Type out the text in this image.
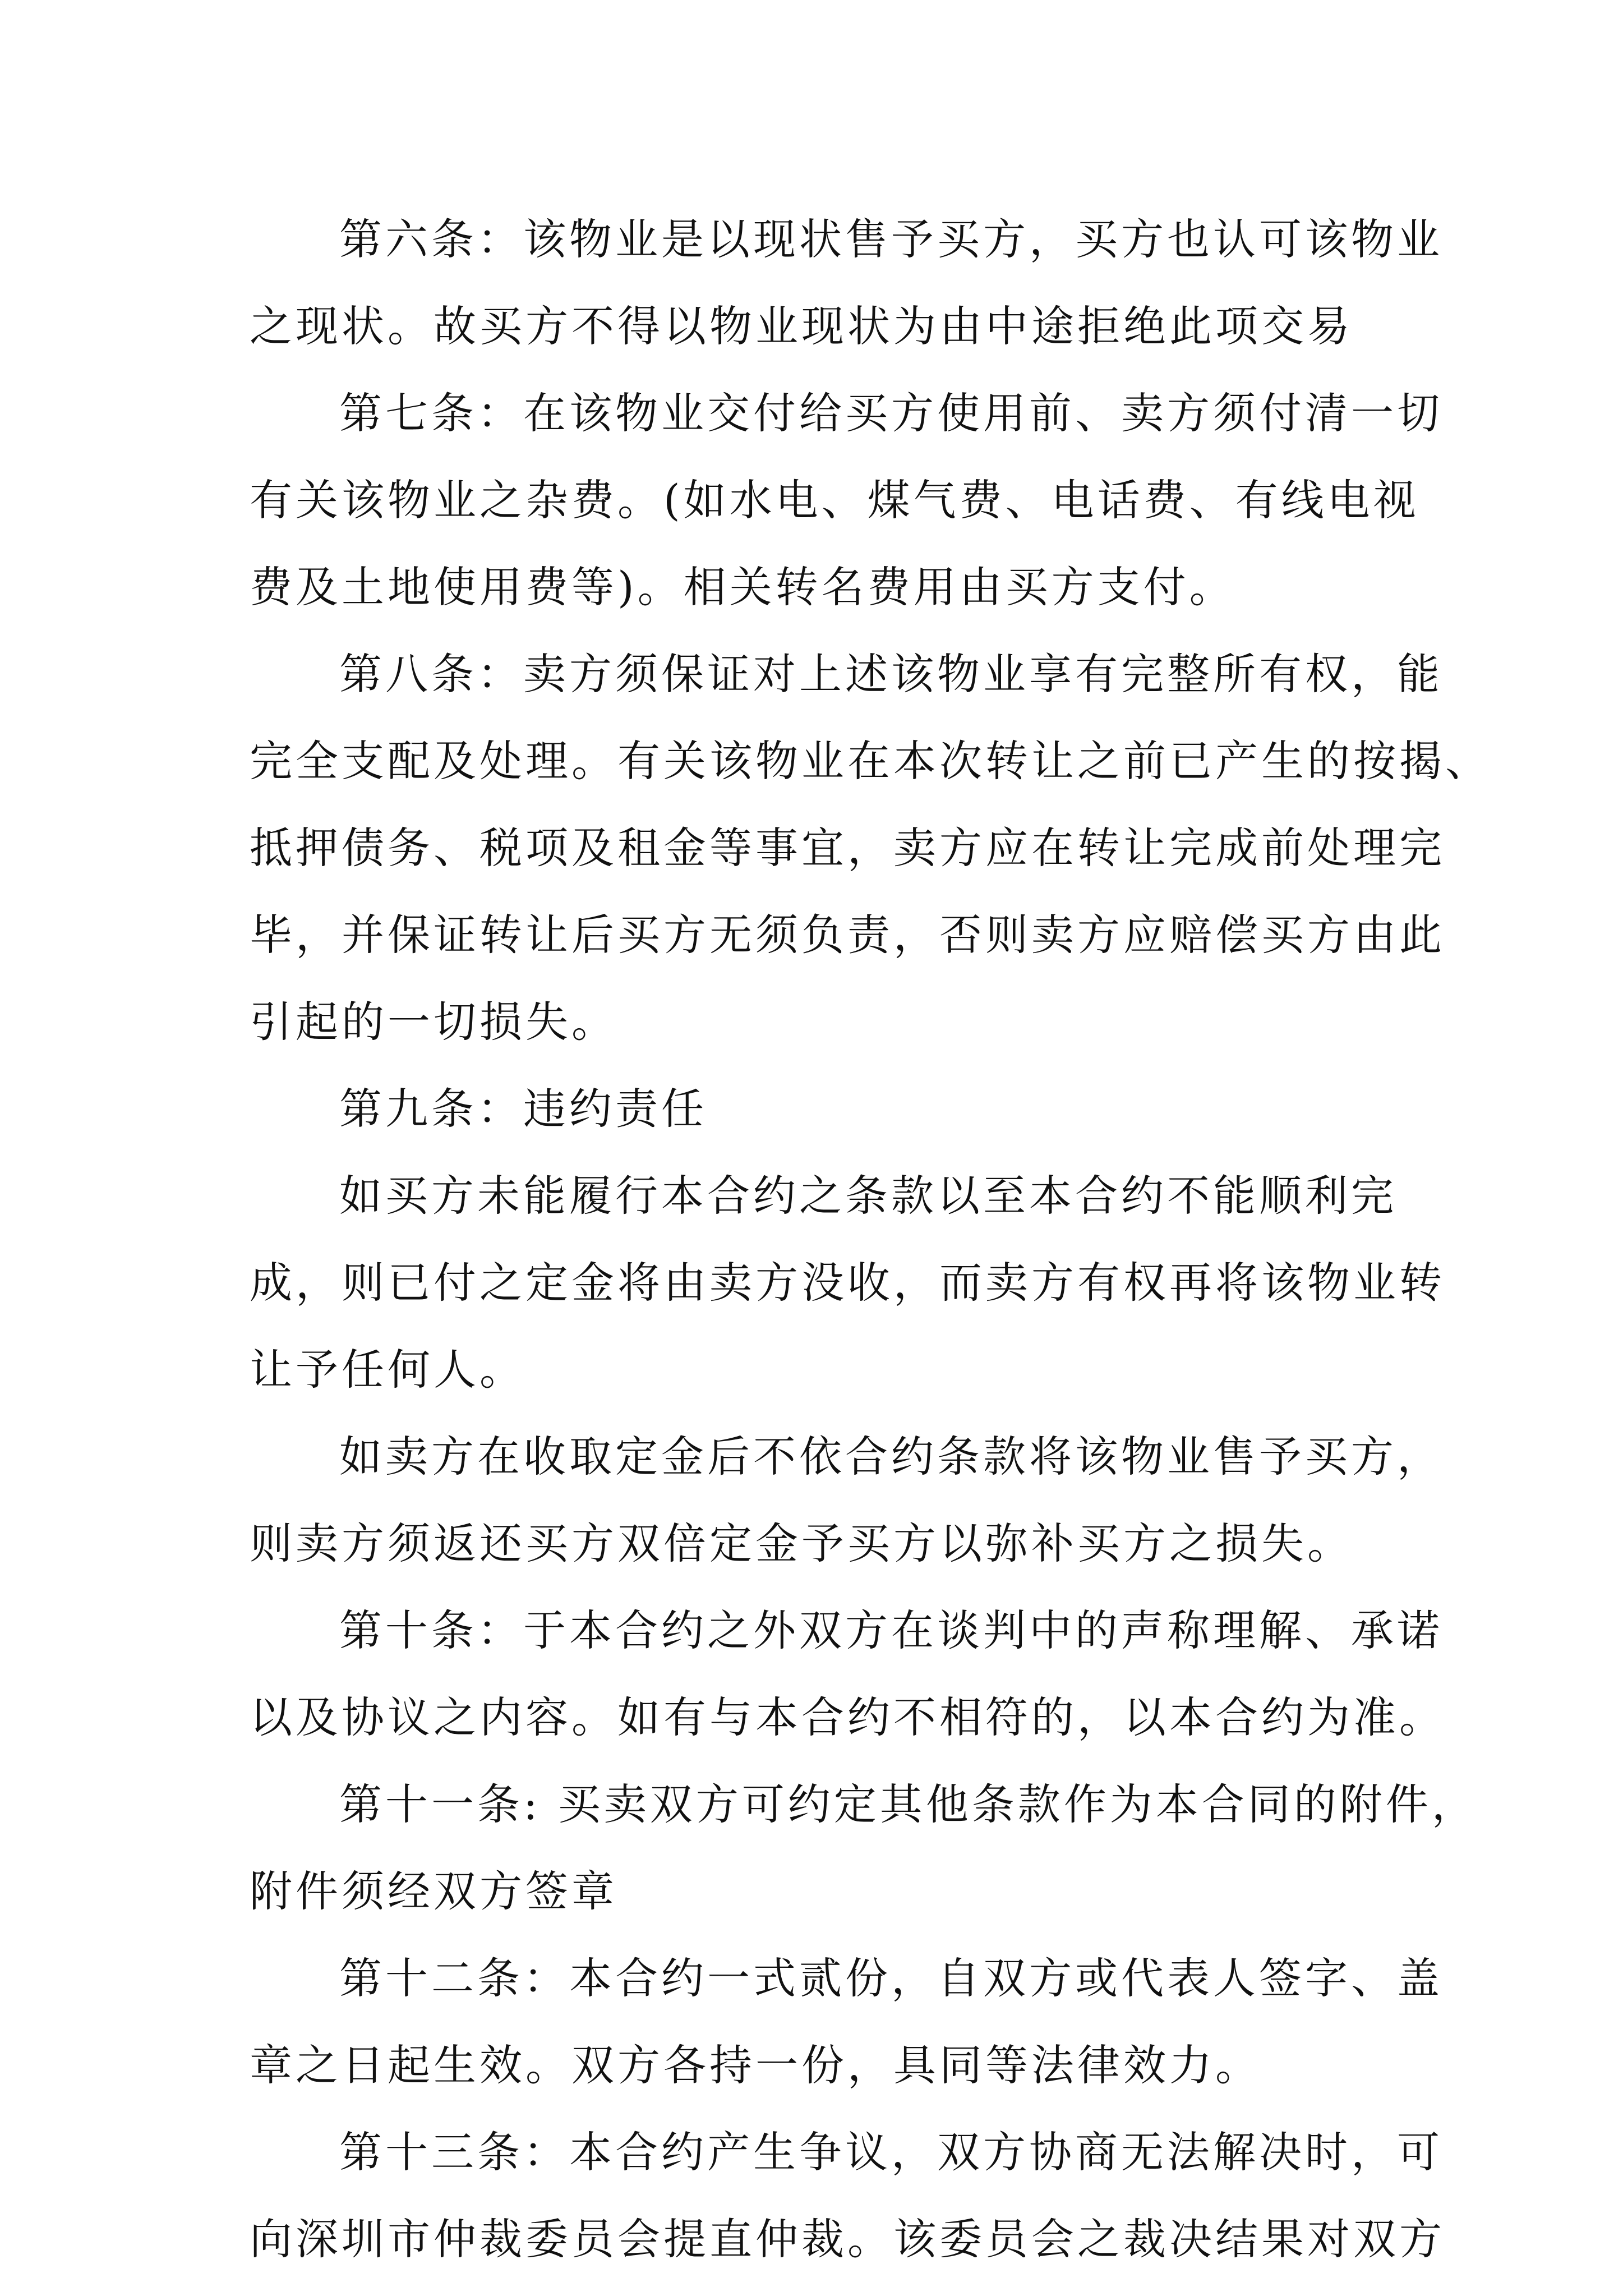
第六条：该物业是以现状售予买方，买方也认可该物业
之现状。故买方不得以物业现状为由中途拒绝此项交易
第七条：在该物业交付给买方使用前、卖方须付清一切
有关该物业之杂费。(如水电、煤气费、电话费、有线电视
费及土地使用费等)。相关转名费用由买方支付。
第八条：卖方须保证对上述该物业享有完整所有权，能
完全支配及处理。有关该物业在本次转让之前已产生的按揭、
抵押债务、税项及租金等事宜，卖方应在转让完成前处理完
毕，并保证转让后买方无须负责，否则卖方应赔偿买方由此
引起的一切损失。
第九条：违约责任
如买方未能履行本合约之条款以至本合约不能顺利完
成，则已付之定金将由卖方没收，而卖方有权再将该物业转
让予任何人。
如卖方在收取定金后不依合约条款将该物业售予买方，
则卖方须返还买方双倍定金予买方以弥补买方之损失。
第十条：于本合约之外双方在谈判中的声称理解、承诺
以及协议之内容。如有与本合约不相符的，以本合约为准。
第十一条: 买卖双方可约定其他条款作为本合同的附件，
附件须经双方签章
第十二条：本合约一式贰份，自双方或代表人签字、盖
章之日起生效。双方各持一份，具同等法律效力。
第十三条：本合约产生争议，双方协商无法解决时，可
向深圳市仲裁委员会提直仲裁。该委员会之裁决结果对双方
